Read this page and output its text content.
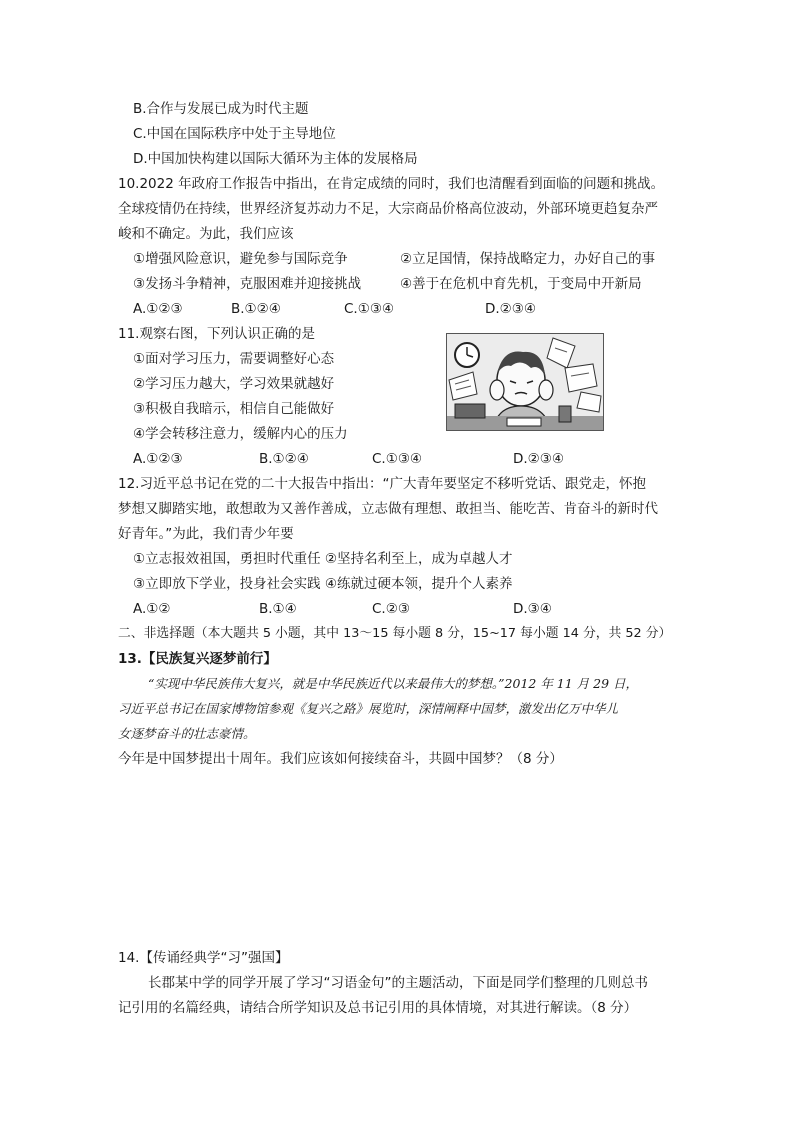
B.合作与发展已成为时代主题
C.中国在国际秩序中处于主导地位
D.中国加快构建以国际大循环为主体的发展格局
10.2022 年政府工作报告中指出，在肯定成绩的同时，我们也清醒看到面临的问题和挑战。
全球疫情仍在持续，世界经济复苏动力不足，大宗商品价格高位波动，外部环境更趋复杂严
峻和不确定。为此，我们应该
①增强风险意识，避免参与国际竞争	②立足国情，保持战略定力，办好自己的事
③发扬斗争精神，克服困难并迎接挑战	④善于在危机中育先机，于变局中开新局
A.①②③	B.①②④	C.①③④	D.②③④
11.观察右图，下列认识正确的是
①面对学习压力，需要调整好心态
②学习压力越大，学习效果就越好
③积极自我暗示，相信自己能做好
④学会转移注意力，缓解内心的压力
A.①②③	B.①②④	C.①③④	D.②③④
12.习近平总书记在党的二十大报告中指出：“广大青年要坚定不移听党话、跟党走，怀抱
梦想又脚踏实地，敢想敢为又善作善成，立志做有理想、敢担当、能吃苦、肯奋斗的新时代
好青年。”为此，我们青少年要
①立志报效祖国，勇担时代重任 ②坚持名利至上，成为卓越人才
③立即放下学业，投身社会实践 ④练就过硬本领，提升个人素养
A.①②	B.①④	C.②③	D.③④
二、非选择题（本大题共 5 小题，其中 13～15 每小题 8 分，15~17 每小题 14 分，共 52 分）
13.【民族复兴逐梦前行】
“实现中华民族伟大复兴，就是中华民族近代以来最伟大的梦想。”2012 年 11 月 29 日，
习近平总书记在国家博物馆参观《复兴之路》展览时，深情阐释中国梦，激发出亿万中华儿
女逐梦奋斗的壮志豪情。
今年是中国梦提出十周年。我们应该如何接续奋斗，共圆中国梦？（8 分）
14.【传诵经典学“习”强国】
长郡某中学的同学开展了学习“习语金句”的主题活动，下面是同学们整理的几则总书
记引用的名篇经典，请结合所学知识及总书记引用的具体情境，对其进行解读。（8 分）
